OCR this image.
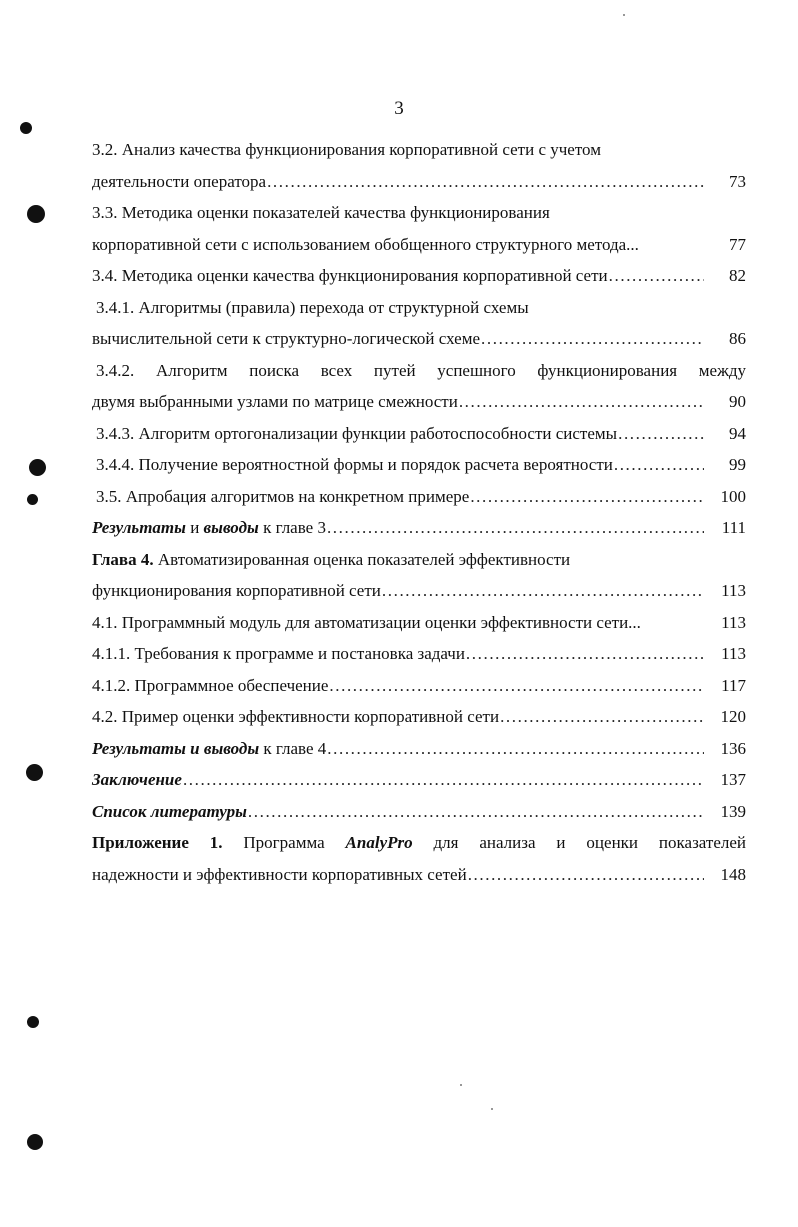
3
3.2. Анализ качества функционирования корпоративной сети с учетом
деятельности оператора .....	73
3.3. Методика оценки показателей качества функционирования
корпоративной сети с использованием обобщенного структурного метода...	77
3.4. Методика оценки качества функционирования корпоративной сети .....	82
3.4.1. Алгоритмы (правила) перехода от структурной схемы
вычислительной сети к структурно-логической схеме .....	86
3.4.2. Алгоритм поиска всех путей успешного функционирования между
двумя выбранными узлами по матрице смежности .....	90
3.4.3. Алгоритм ортогонализации функции работоспособности системы .....	94
3.4.4. Получение вероятностной формы и порядок расчета вероятности .....	99
3.5. Апробация алгоритмов на конкретном примере .....	100
Результаты и выводы к главе 3 .....	111
Глава 4. Автоматизированная оценка показателей эффективности
функционирования корпоративной сети .....	113
4.1. Программный модуль для автоматизации оценки эффективности сети...	113
4.1.1. Требования к программе и постановка задачи .....	113
4.1.2. Программное обеспечение .....	117
4.2. Пример оценки эффективности корпоративной сети .....	120
Результаты и выводы к главе 4 .....	136
Заключение .....	137
Список литературы .....	139
Приложение 1. Программа AnalyPro для анализа и оценки показателей
надежности и эффективности корпоративных сетей .....	148
